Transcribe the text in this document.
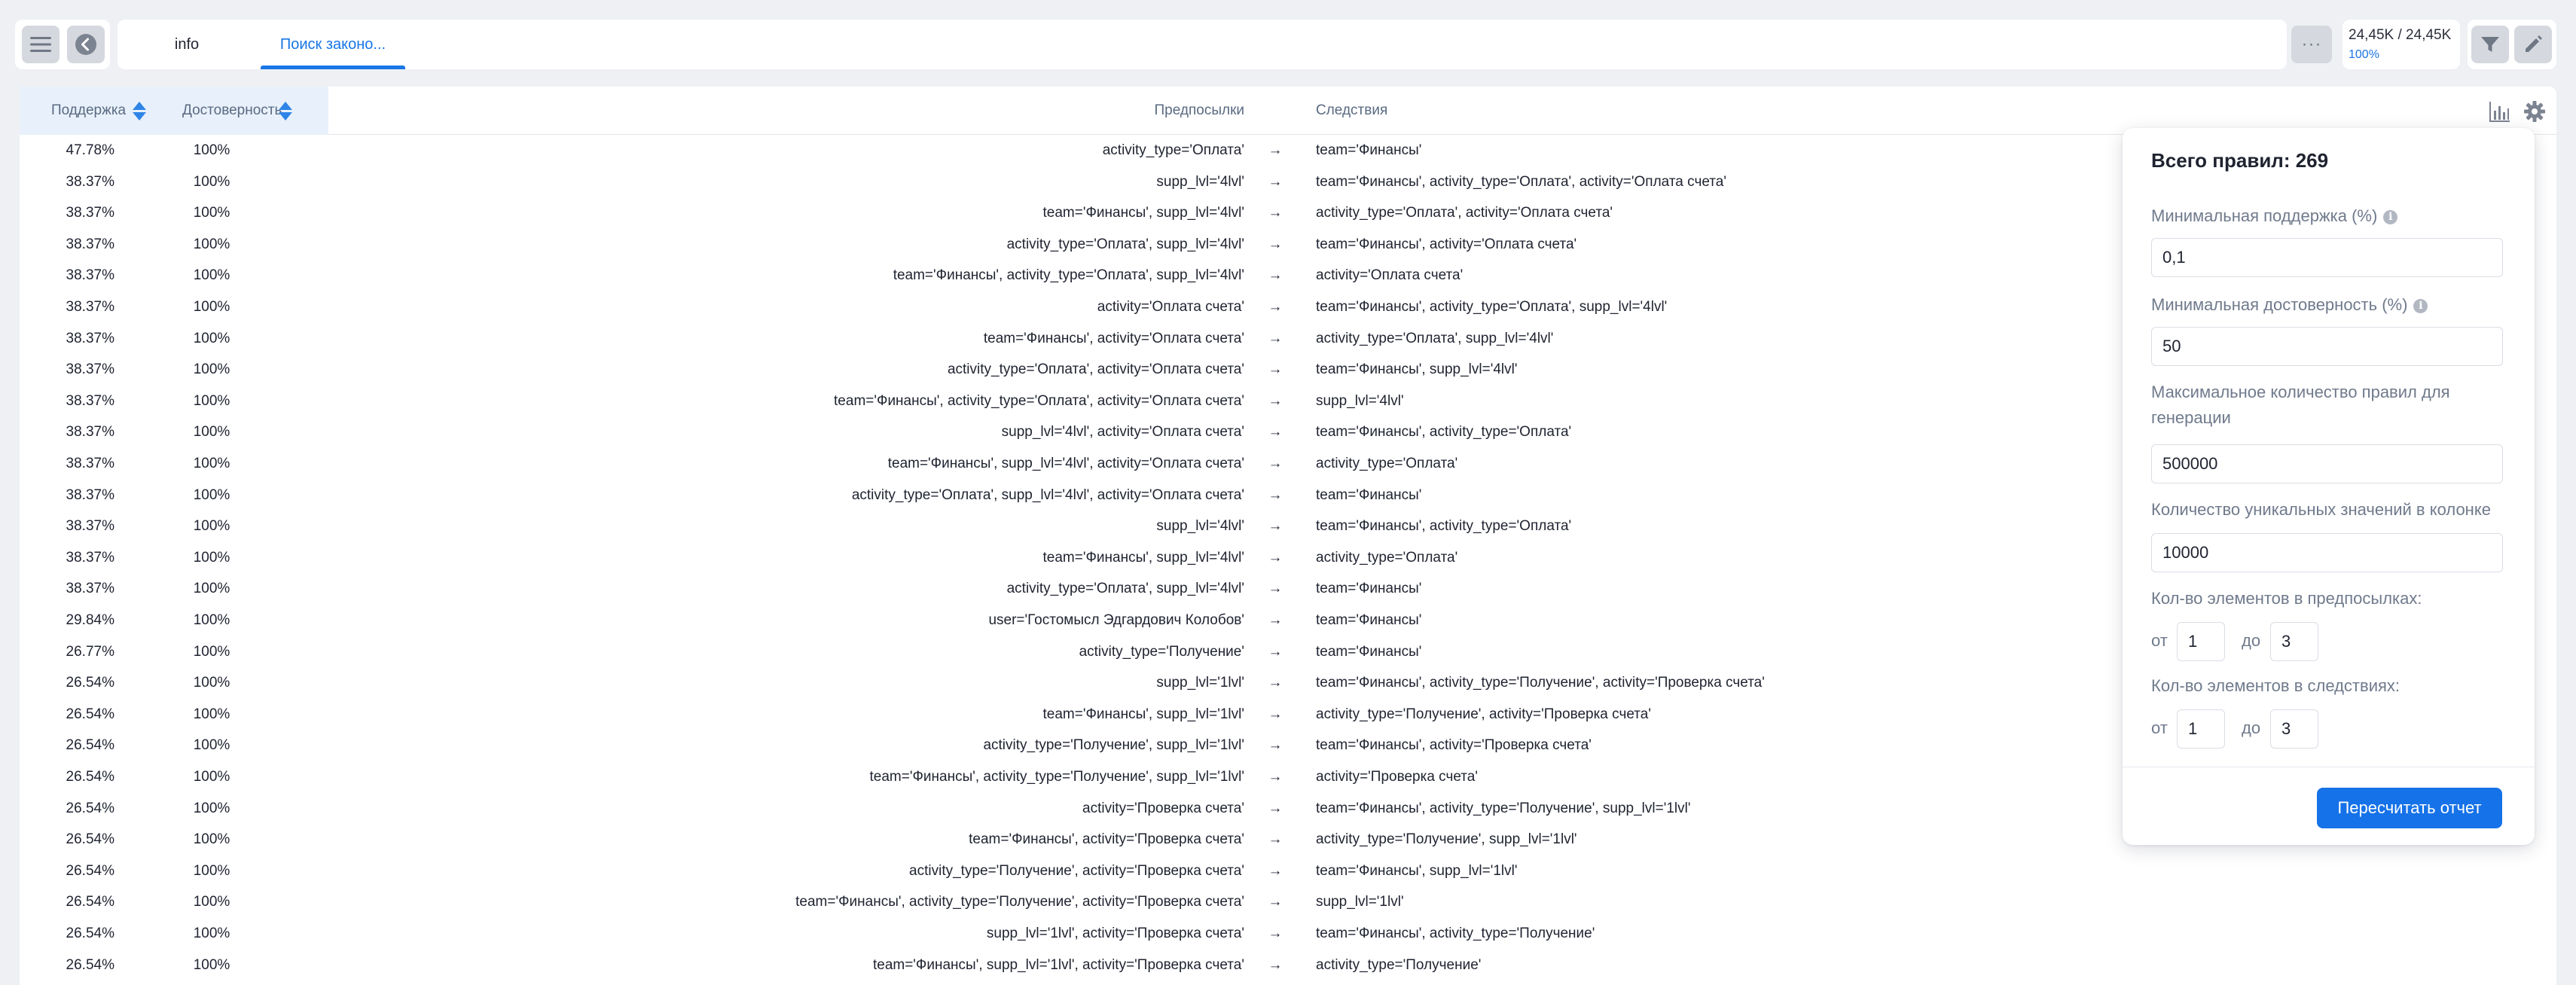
info	Поиск законо...	··· 24,45K / 24,45K
100%
Поддержка	Достоверность	Предпосылки	Следствия
47.78%	100%	activity_type='Оплата' → team='Финансы'
38.37%	100%	supp_lvl='4lvl' → team='Финансы', activity_type='Оплата', activity='Оплата счета'
38.37%	100%	team='Финансы', supp_lvl='4lvl' → activity_type='Оплата', activity='Оплата счета'
38.37%	100%	activity_type='Оплата', supp_lvl='4lvl' → team='Финансы', activity='Оплата счета'
38.37%	100%	team='Финансы', activity_type='Оплата', supp_lvl='4lvl' → activity='Оплата счета'
38.37%	100%	activity='Оплата счета' → team='Финансы', activity_type='Оплата', supp_lvl='4lvl'
38.37%	100%	team='Финансы', activity='Оплата счета' → activity_type='Оплата', supp_lvl='4lvl'
38.37%	100%	activity_type='Оплата', activity='Оплата счета' → team='Финансы', supp_lvl='4lvl'
38.37%	100%	team='Финансы', activity_type='Оплата', activity='Оплата счета' → supp_lvl='4lvl'
38.37%	100%	supp_lvl='4lvl', activity='Оплата счета' → team='Финансы', activity_type='Оплата'
38.37%	100%	team='Финансы', supp_lvl='4lvl', activity='Оплата счета' → activity_type='Оплата'
38.37%	100%	activity_type='Оплата', supp_lvl='4lvl', activity='Оплата счета' → team='Финансы'
38.37%	100%	supp_lvl='4lvl' → team='Финансы', activity_type='Оплата'
38.37%	100%	team='Финансы', supp_lvl='4lvl' → activity_type='Оплата'
38.37%	100%	activity_type='Оплата', supp_lvl='4lvl' → team='Финансы'
29.84%	100%	user='Гостомысл Эдгардович Колобов' → team='Финансы'
26.77%	100%	activity_type='Получение' → team='Финансы'
26.54%	100%	supp_lvl='1lvl' → team='Финансы', activity_type='Получение', activity='Проверка счета'
26.54%	100%	team='Финансы', supp_lvl='1lvl' → activity_type='Получение', activity='Проверка счета'
26.54%	100%	activity_type='Получение', supp_lvl='1lvl' → team='Финансы', activity='Проверка счета'
26.54%	100%	team='Финансы', activity_type='Получение', supp_lvl='1lvl' → activity='Проверка счета'
26.54%	100%	activity='Проверка счета' → team='Финансы', activity_type='Получение', supp_lvl='1lvl'
26.54%	100%	team='Финансы', activity='Проверка счета' → activity_type='Получение', supp_lvl='1lvl'
26.54%	100%	activity_type='Получение', activity='Проверка счета' → team='Финансы', supp_lvl='1lvl'
26.54%	100%	team='Финансы', activity_type='Получение', activity='Проверка счета' → supp_lvl='1lvl'
26.54%	100%	supp_lvl='1lvl', activity='Проверка счета' → team='Финансы', activity_type='Получение'
26.54%	100%	team='Финансы', supp_lvl='1lvl', activity='Проверка счета' → activity_type='Получение'
Всего правил: 269
Минимальная поддержка (%) i
0,1
Минимальная достоверность (%) i
50
Максимальное количество правил для генерации
500000
Количество уникальных значений в колонке
10000
Кол-во элементов в предпосылках:
от	1	до	3
Кол-во элементов в следствиях:
от	1	до	3
Пересчитать отчет
